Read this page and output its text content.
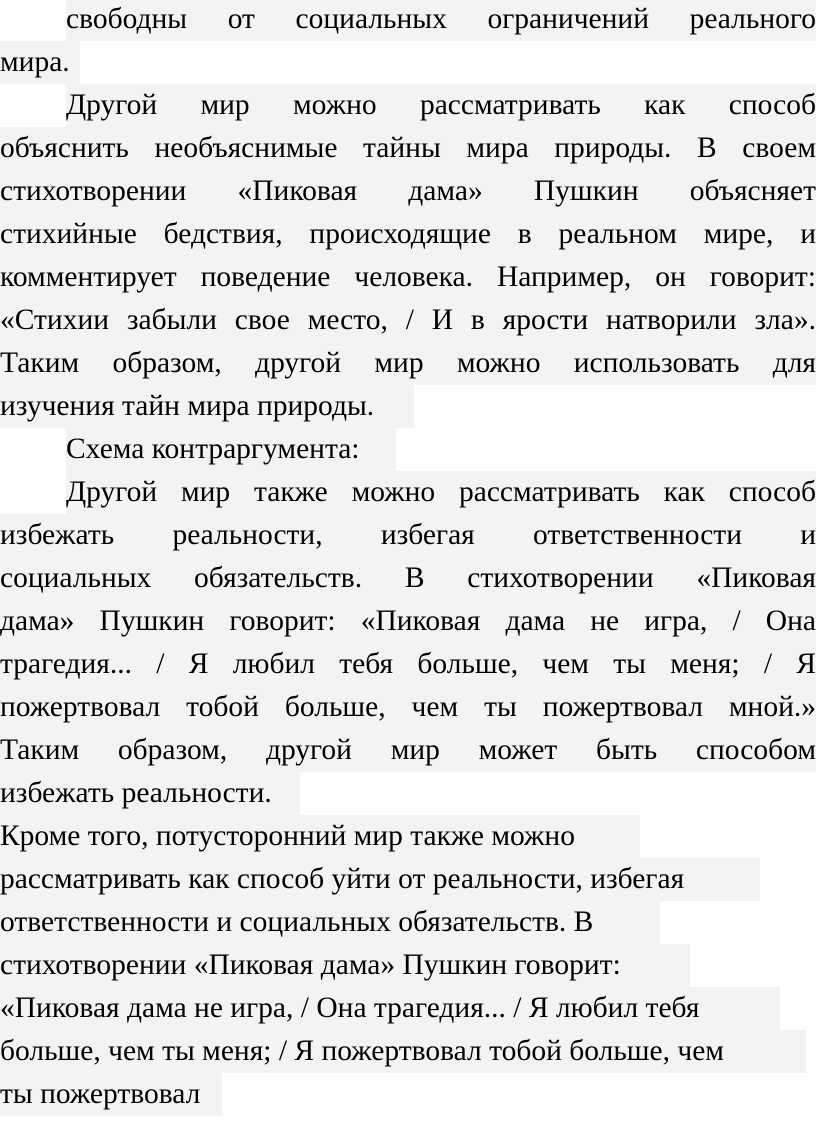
свободны от социальных ограничений реального
мира.
Другой мир можно рассматривать как способ
объяснить необъяснимые тайны мира природы. В своем
стихотворении «Пиковая дама» Пушкин объясняет
стихийные бедствия, происходящие в реальном мире, и
комментирует поведение человека. Например, он говорит:
«Стихии забыли свое место, / И в ярости натворили зла».
Таким образом, другой мир можно использовать для
изучения тайн мира природы.
Схема контраргумента:
Другой мир также можно рассматривать как способ
избежать реальности, избегая ответственности и
социальных обязательств. В стихотворении «Пиковая
дама» Пушкин говорит: «Пиковая дама не игра, / Она
трагедия... / Я любил тебя больше, чем ты меня; / Я
пожертвовал тобой больше, чем ты пожертвовал мной.»
Таким образом, другой мир может быть способом
избежать реальности.
Кроме того, потусторонний мир также можно
рассматривать как способ уйти от реальности, избегая
ответственности и социальных обязательств. В
стихотворении «Пиковая дама» Пушкин говорит:
«Пиковая дама не игра, / Она трагедия... / Я любил тебя
больше, чем ты меня; / Я пожертвовал тобой больше, чем
ты пожертвовал
